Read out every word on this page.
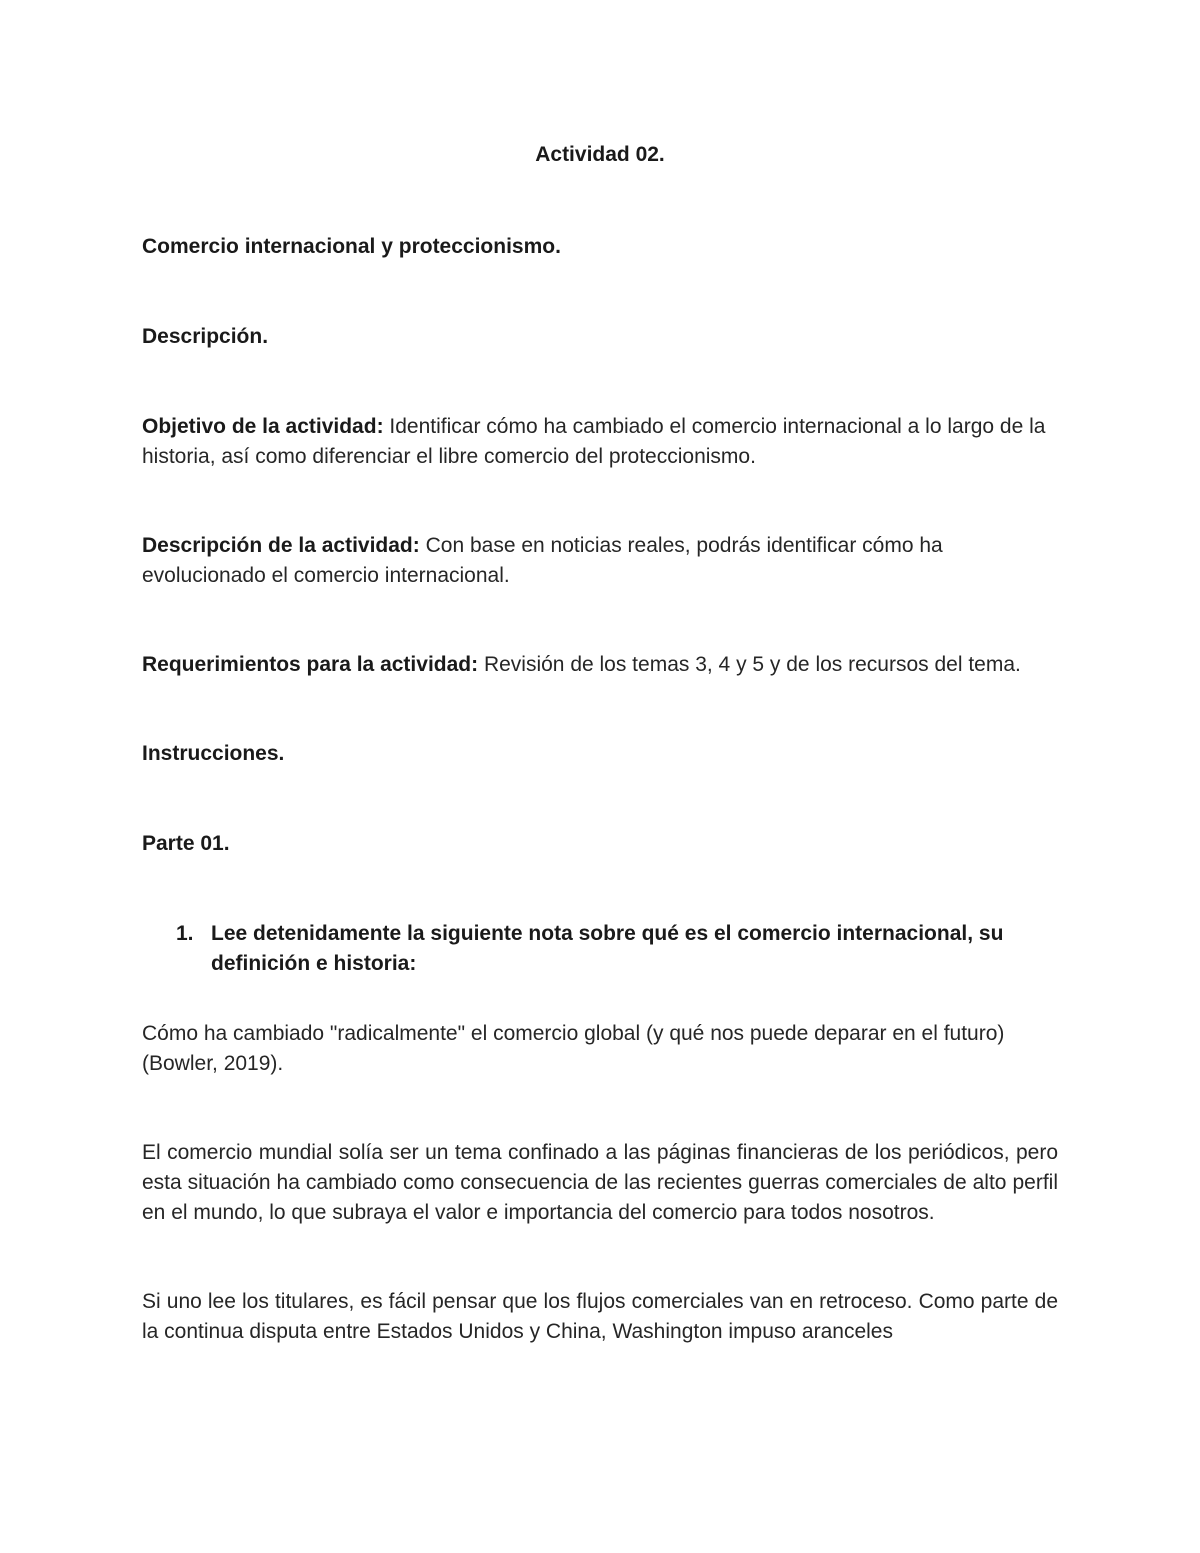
Actividad 02.

Comercio internacional y proteccionismo.

Descripción.

Objetivo de la actividad: Identificar cómo ha cambiado el comercio internacional a lo largo de la historia, así como diferenciar el libre comercio del proteccionismo.

Descripción de la actividad: Con base en noticias reales, podrás identificar cómo ha evolucionado el comercio internacional.

Requerimientos para la actividad: Revisión de los temas 3, 4 y 5 y de los recursos del tema.

Instrucciones.

Parte 01.

1. Lee detenidamente la siguiente nota sobre qué es el comercio internacional, su definición e historia:

Cómo ha cambiado "radicalmente" el comercio global (y qué nos puede deparar en el futuro) (Bowler, 2019).

El comercio mundial solía ser un tema confinado a las páginas financieras de los periódicos, pero esta situación ha cambiado como consecuencia de las recientes guerras comerciales de alto perfil en el mundo, lo que subraya el valor e importancia del comercio para todos nosotros.

Si uno lee los titulares, es fácil pensar que los flujos comerciales van en retroceso. Como parte de la continua disputa entre Estados Unidos y China, Washington impuso aranceles
